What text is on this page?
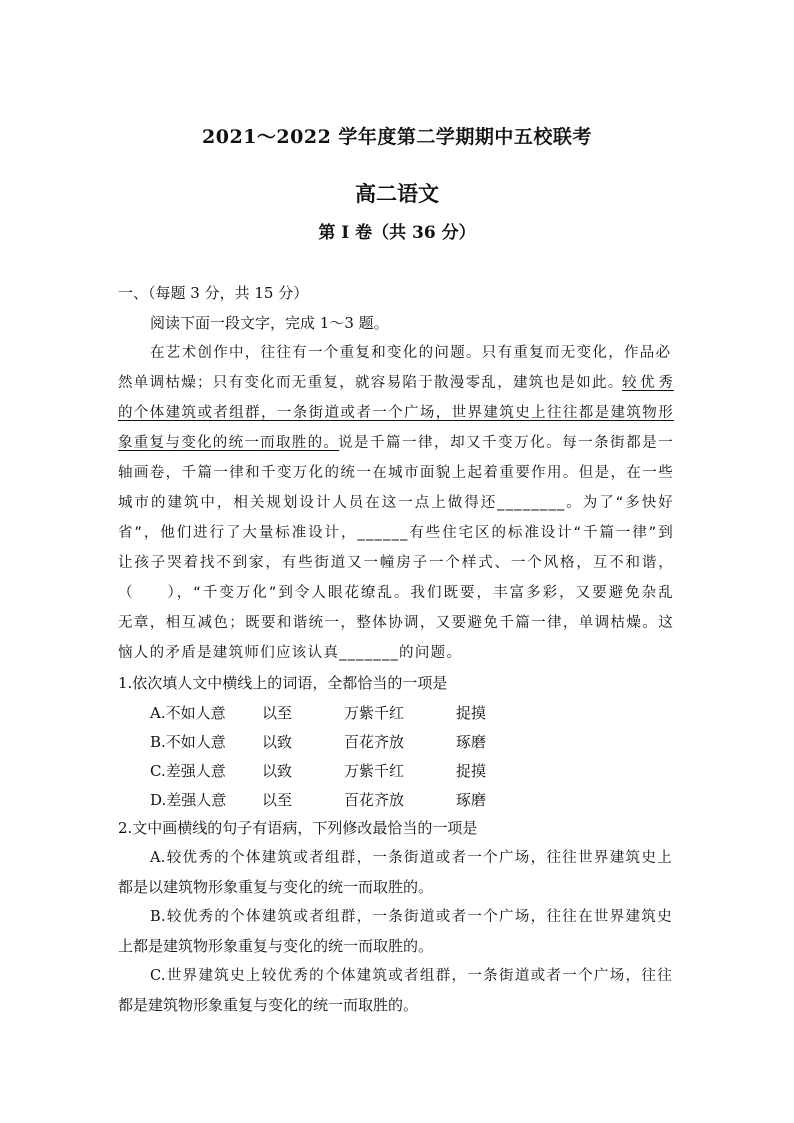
2021～2022 学年度第二学期期中五校联考
高二语文
第 I 卷（共 36 分）
一、（每题 3 分，共 15 分）
阅读下面一段文字，完成 1～3 题。
在艺术创作中，往往有一个重复和变化的问题。只有重复而无变化，作品必
然单调枯燥；只有变化而无重复，就容易陷于散漫零乱，建筑也是如此。
较优秀
的个体建筑或者组群，一条街道或者一个广场，世界建筑史上往往都是建筑物形
象重复与变化的统一而取胜的。
说是千篇一律，却又千变万化。每一条街都是一
轴画卷，千篇一律和千变万化的统一在城市面貌上起着重要作用。但是，在一些
城市的建筑中，相关规划设计人员在这一点上做得还________。为了“多快好
省”，他们进行了大量标准设计，______有些住宅区的标准设计“千篇一律”到
让孩子哭着找不到家，有些街道又一幢房子一个样式、一个风格，互不和谐，
（　　），“千变万化”到令人眼花缭乱。我们既要，丰富多彩，又要避免杂乱
无章，相互减色；既要和谐统一，整体协调，又要避免千篇一律，单调枯燥。这
恼人的矛盾是建筑师们应该认真_______的问题。
1.依次填人文中横线上的词语，全都恰当的一项是
A.不如人意 以至	万紫千红	捉摸
B.不如人意 以致	百花齐放	琢磨
C.差强人意 以致	万紫千红	捉摸
D.差强人意 以至	百花齐放	琢磨
2.文中画横线的句子有语病，下列修改最恰当的一项是
A.较优秀的个体建筑或者组群，一条街道或者一个广场，往往世界建筑史上
都是以建筑物形象重复与变化的统一而取胜的。
B.较优秀的个体建筑或者组群，一条街道或者一个广场，往往在世界建筑史
上都是建筑物形象重复与变化的统一而取胜的。
C.世界建筑史上较优秀的个体建筑或者组群，一条街道或者一个广场，往往
都是建筑物形象重复与变化的统一而取胜的。
